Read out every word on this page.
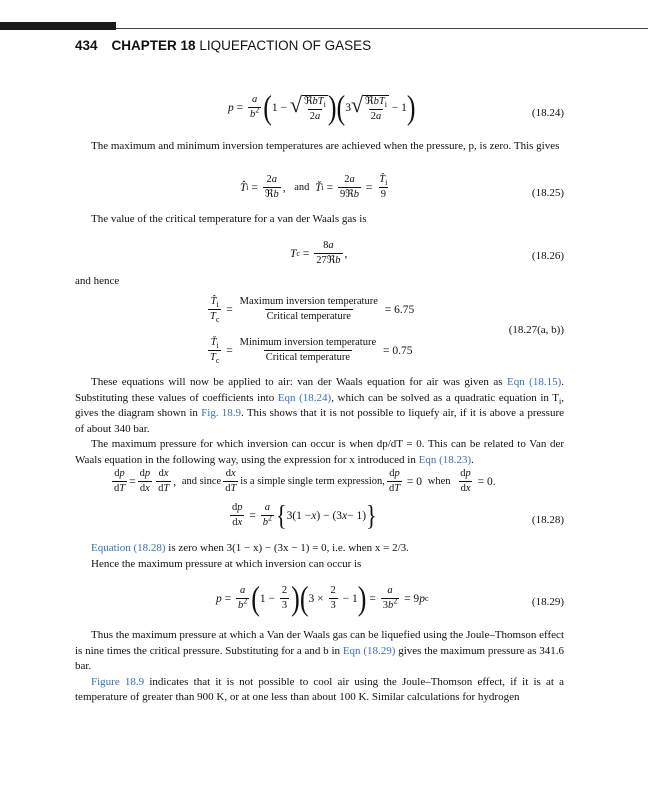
434 CHAPTER 18 LIQUEFACTION OF GASES
$p = \frac{a}{b^2}$ ( 1 − √ $\frac{ℜbT_i}{2a}$ ) ( 3 √ $\frac{ℜbT_i}{2a} - 1$ )	(18.24)

The maximum and minimum inversion temperatures are achieved when the pressure, p, is zero. This gives

T̂ $i = \frac{2a}{\text{ℜb}}$ , and
Ť $i = \frac{2a}{\text{9ℜb}} = \frac{T̂_i}{9}$	(18.25)

The value of the critical temperature for a van der Waals gas is

T $c = \frac{8a}{\text{27ℜb}}$ ,	(18.26)

and hence

$\frac{T̂_i}{T_c} = \frac{\text{Maximum inversion temperature}}{\text{Critical temperature}}$
= 6.75
(18.27(a, b))
$\frac{Ť_i}{T_c} = \frac{\text{Minimum inversion temperature}}{\text{Critical temperature}}$
= 0.75

These equations will now be applied to air: van der Waals equation for air was given as Eqn (18.15). Substituting these values of coefficients into Eqn (18.24), which can be solved as a quadratic equation in $T_i$, gives the diagram shown in Fig. 18.9. This shows that it is not possible to liquefy air, if it is above a pressure of about 340 bar.

The maximum pressure for which inversion can occur is when dp/dT = 0. This can be related to Van der Waals equation in the following way, using the expression for x introduced in Eqn (18.23).

$\frac{dp}{dT} = \frac{dp}{dx} \frac{dx}{dT}$ , and since $\frac{dx}{dT}$ is a simple single term expression, $\frac{dp}{dT} = 0$ when
$\frac{dp}{dx} = 0$.
$\frac{dp}{dx} = \frac{a}{b^2}$ { 3(1 − x ) − (3 x − 1) }	(18.28)

Equation (18.28) is zero when 3(1 − x) − (3x − 1) = 0, i.e. when x = 2/3.

Hence the maximum pressure at which inversion can occur is

$p = \frac{a}{b^2}$ ( $1 - \frac{2}{3}$ ) ( $3 \times \frac{2}{3} - 1$ ) = $\frac{a}{3b^2} = 9$ p c	(18.29)

Thus the maximum pressure at which a Van der Waals gas can be liquefied using the Joule–Thomson effect is nine times the critical pressure. Substituting for a and b in Eqn (18.29) gives the maximum pressure as 341.6 bar.

Figure 18.9 indicates that it is not possible to cool air using the Joule–Thomson effect, if it is at a temperature of greater than 900 K, or at one less than about 100 K. Similar calculations for hydrogen
